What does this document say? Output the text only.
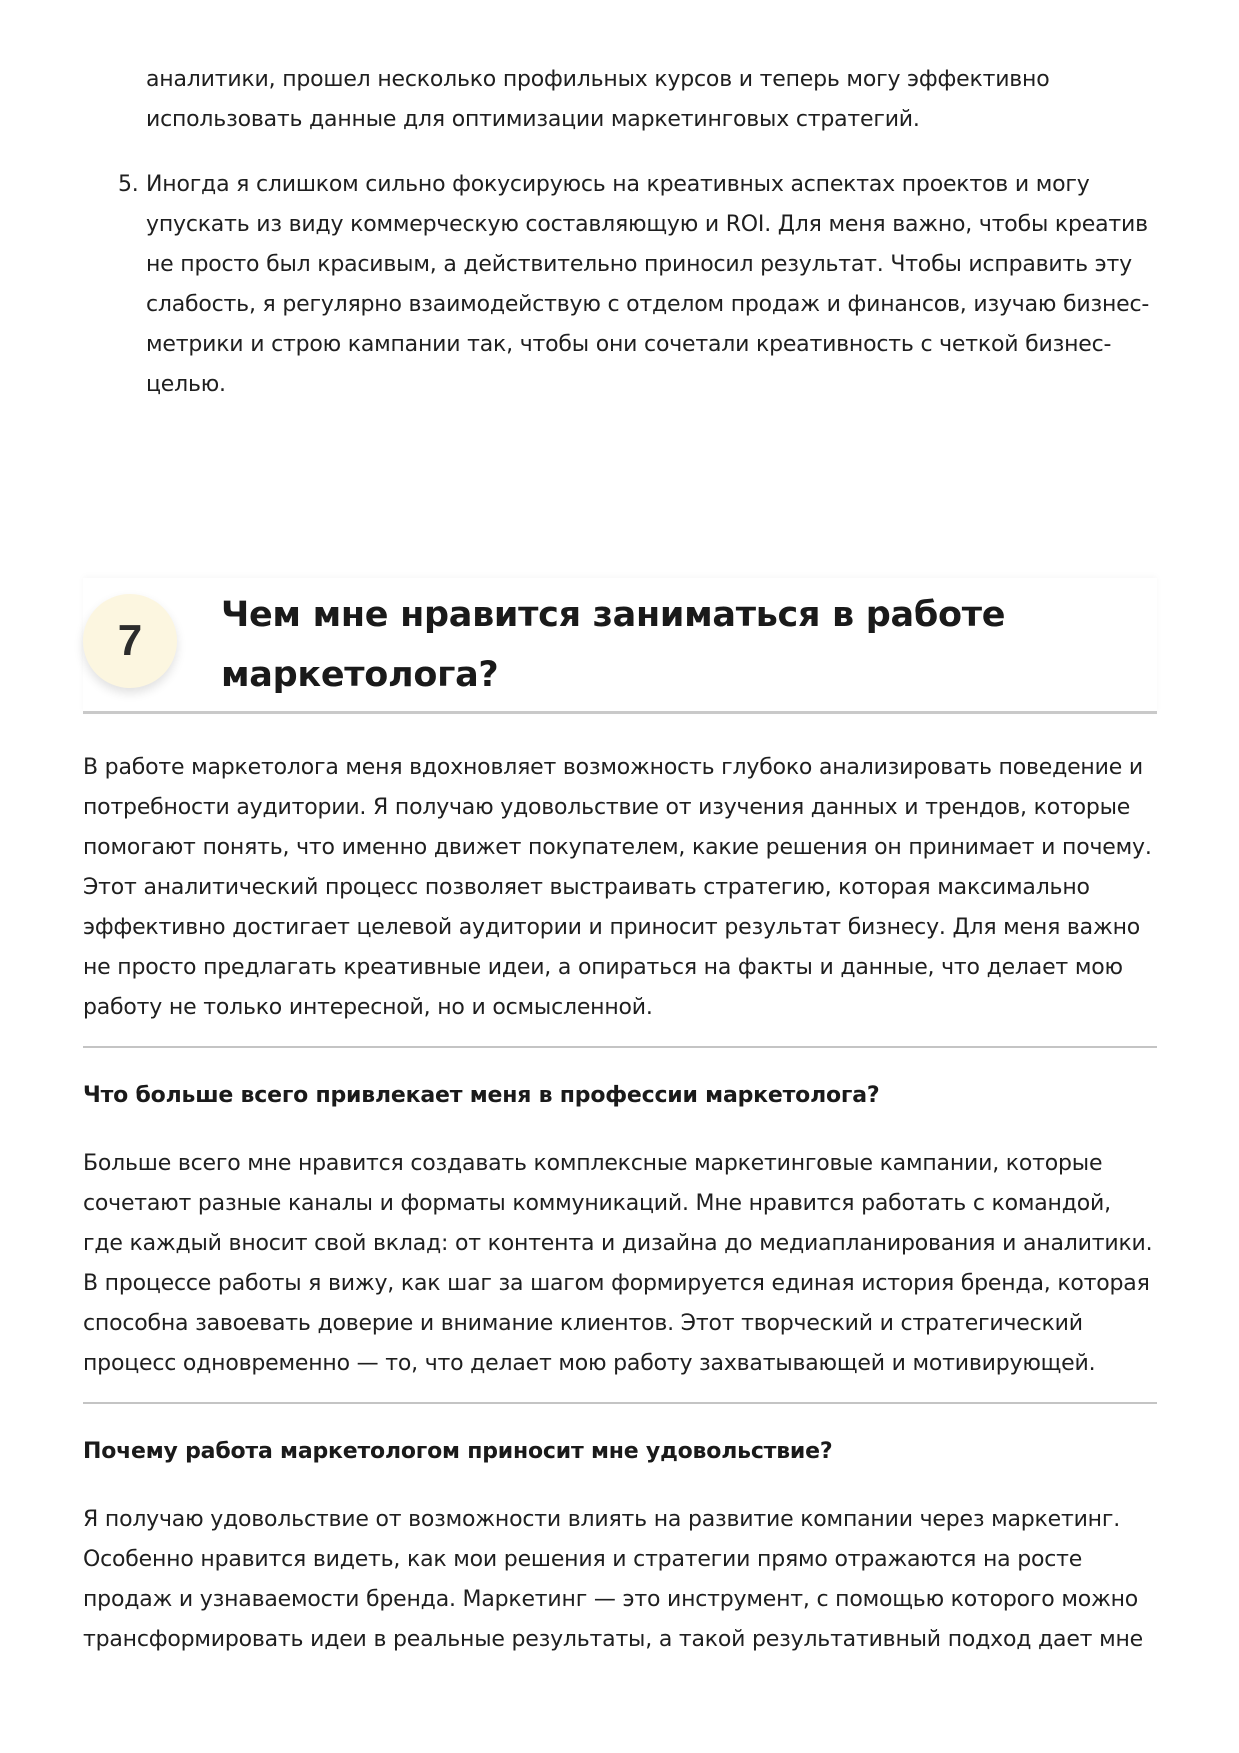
аналитики, прошел несколько профильных курсов и теперь могу эффективно использовать данные для оптимизации маркетинговых стратегий.

5. Иногда я слишком сильно фокусируюсь на креативных аспектах проектов и могу упускать из виду коммерческую составляющую и ROI. Для меня важно, чтобы креатив не просто был красивым, а действительно приносил результат. Чтобы исправить эту слабость, я регулярно взаимодействую с отделом продаж и финансов, изучаю бизнес-метрики и строю кампании так, чтобы они сочетали креативность с четкой бизнес-целью.

7
Чем мне нравится заниматься в работе маркетолога?

В работе маркетолога меня вдохновляет возможность глубоко анализировать поведение и потребности аудитории. Я получаю удовольствие от изучения данных и трендов, которые помогают понять, что именно движет покупателем, какие решения он принимает и почему. Этот аналитический процесс позволяет выстраивать стратегию, которая максимально эффективно достигает целевой аудитории и приносит результат бизнесу. Для меня важно не просто предлагать креативные идеи, а опираться на факты и данные, что делает мою работу не только интересной, но и осмысленной.

Что больше всего привлекает меня в профессии маркетолога?

Больше всего мне нравится создавать комплексные маркетинговые кампании, которые сочетают разные каналы и форматы коммуникаций. Мне нравится работать с командой, где каждый вносит свой вклад: от контента и дизайна до медиапланирования и аналитики. В процессе работы я вижу, как шаг за шагом формируется единая история бренда, которая способна завоевать доверие и внимание клиентов. Этот творческий и стратегический процесс одновременно — то, что делает мою работу захватывающей и мотивирующей.

Почему работа маркетологом приносит мне удовольствие?

Я получаю удовольствие от возможности влиять на развитие компании через маркетинг. Особенно нравится видеть, как мои решения и стратегии прямо отражаются на росте продаж и узнаваемости бренда. Маркетинг — это инструмент, с помощью которого можно трансформировать идеи в реальные результаты, а такой результативный подход дает мне
